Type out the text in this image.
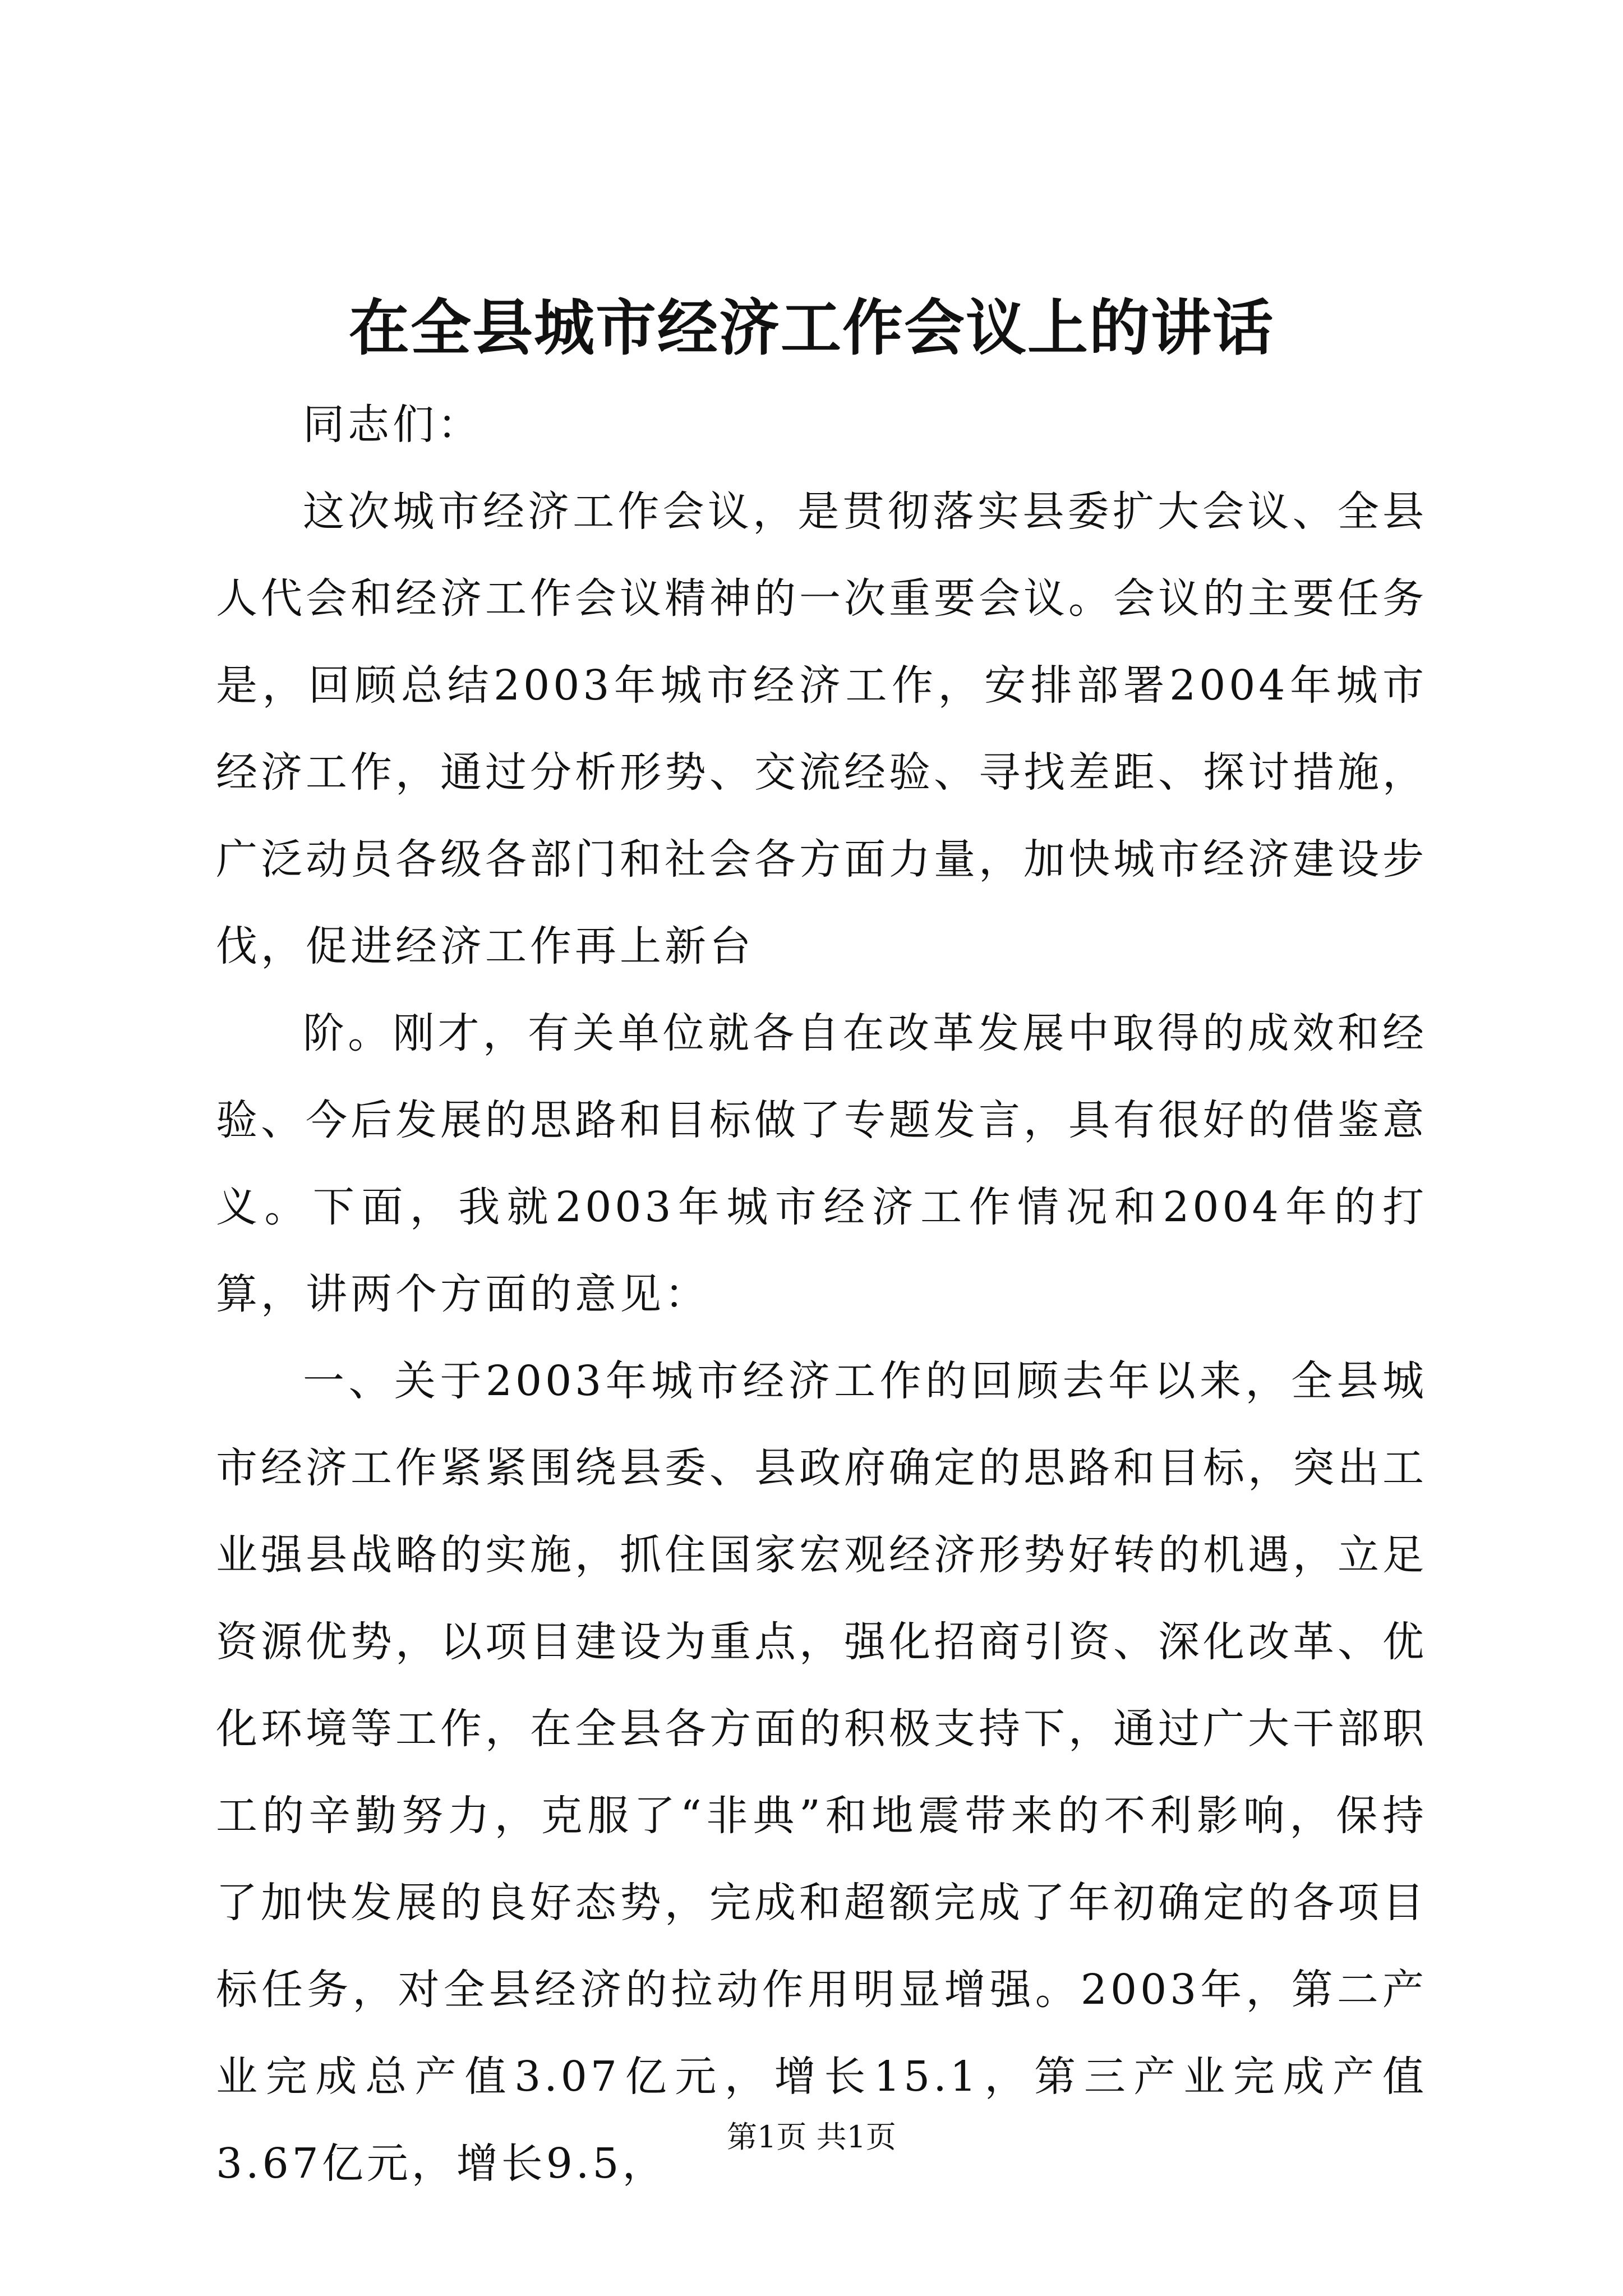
在全县城市经济工作会议上的讲话

同志们：

这次城市经济工作会议，是贯彻落实县委扩大会议、全县人代会和经济工作会议精神的一次重要会议。会议的主要任务是，回顾总结2003年城市经济工作，安排部署2004年城市经济工作，通过分析形势、交流经验、寻找差距、探讨措施，广泛动员各级各部门和社会各方面力量，加快城市经济建设步伐，促进经济工作再上新台

阶。刚才，有关单位就各自在改革发展中取得的成效和经验、今后发展的思路和目标做了专题发言，具有很好的借鉴意义。下面，我就2003年城市经济工作情况和2004年的打算，讲两个方面的意见：

一、关于2003年城市经济工作的回顾去年以来，全县城市经济工作紧紧围绕县委、县政府确定的思路和目标，突出工业强县战略的实施，抓住国家宏观经济形势好转的机遇，立足资源优势，以项目建设为重点，强化招商引资、深化改革、优化环境等工作，在全县各方面的积极支持下，通过广大干部职工的辛勤努力，克服了“非典”和地震带来的不利影响，保持了加快发展的良好态势，完成和超额完成了年初确定的各项目标任务，对全县经济的拉动作用明显增强。2003年，第二产业完成总产值3.07亿元，增长15.1，第三产业完成产值3.67亿元，增长9.5，

第1页 共1页
